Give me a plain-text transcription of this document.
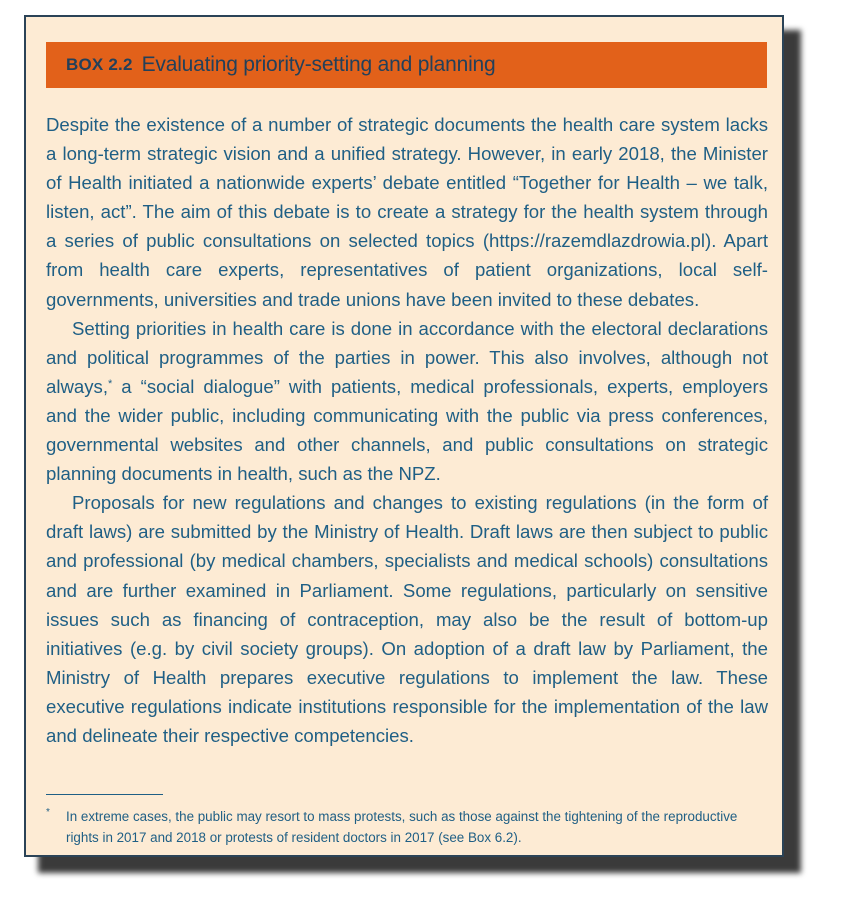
BOX 2.2 Evaluating priority-setting and planning

Despite the existence of a number of strategic documents the health care system lacks a long-term strategic vision and a unified strategy. However, in early 2018, the Minister of Health initiated a nationwide experts’ debate entitled “Together for Health – we talk, listen, act”. The aim of this debate is to create a strategy for the health system through a series of public consultations on selected topics (https://razemdlazdrowia.pl). Apart from health care experts, representatives of patient organizations, local self-governments, universities and trade unions have been invited to these debates.

Setting priorities in health care is done in accordance with the electoral declarations and political programmes of the parties in power. This also involves, although not always,* a “social dialogue” with patients, medical professionals, experts, employers and the wider public, including communicating with the public via press conferences, governmental websites and other channels, and public consultations on strategic planning documents in health, such as the NPZ.

Proposals for new regulations and changes to existing regulations (in the form of draft laws) are submitted by the Ministry of Health. Draft laws are then subject to public and professional (by medical chambers, specialists and medical schools) consultations and are further examined in Parliament. Some regulations, particularly on sensitive issues such as financing of contraception, may also be the result of bottom-up initiatives (e.g. by civil society groups). On adoption of a draft law by Parliament, the Ministry of Health prepares executive regulations to implement the law. These executive regulations indicate institutions responsible for the implementation of the law and delineate their respective competencies.

*	In extreme cases, the public may resort to mass protests, such as those against the tightening of the reproductive rights in 2017 and 2018 or protests of resident doctors in 2017 (see Box 6.2).
